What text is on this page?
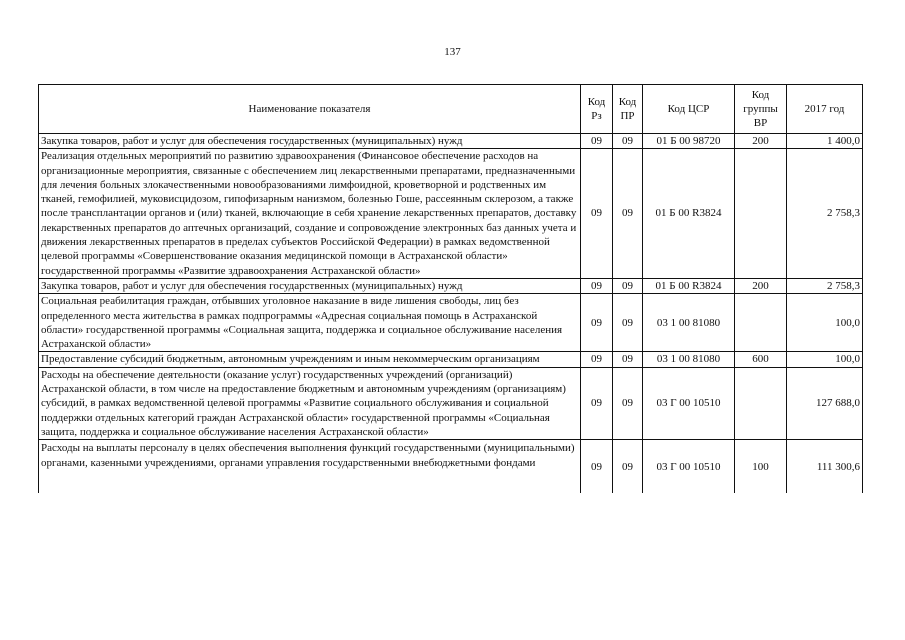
137
Наименование показателя	Код Рз	Код ПР	Код ЦСР	Код группы ВР	2017 год
Закупка товаров, работ и услуг для обеспечения государственных (муниципальных) нужд	09	09	01 Б 00 98720	200	1 400,0
Реализация отдельных мероприятий по развитию здравоохранения (Финансовое обеспечение расходов на организационные мероприятия, связанные с обеспечением лиц лекарственными препаратами, предназначенными для лечения больных злокачественными новообразованиями лимфоидной, кроветворной и родственных им тканей, гемофилией, муковисцидозом, гипофизарным нанизмом, болезнью Гоше, рассеянным склерозом, а также после трансплантации органов и (или) тканей, включающие в себя хранение лекарственных препаратов, доставку лекарственных препаратов до аптечных организаций, создание и сопровождение электронных баз данных учета и движения лекарственных препаратов в пределах субъектов Российской Федерации) в рамках ведомственной целевой программы «Совершенствование оказания медицинской помощи в Астраханской области» государственной программы «Развитие здравоохранения Астраханской области»	09	09	01 Б 00 R3824		2 758,3
Закупка товаров, работ и услуг для обеспечения государственных (муниципальных) нужд	09	09	01 Б 00 R3824	200	2 758,3
Социальная реабилитация граждан, отбывших уголовное наказание в виде лишения свободы, лиц без определенного места жительства в рамках подпрограммы «Адресная социальная помощь в Астраханской области» государственной программы «Социальная защита, поддержка и социальное обслуживание населения Астраханской области»	09	09	03 1 00 81080		100,0
Предоставление субсидий бюджетным, автономным учреждениям и иным некоммерческим организациям	09	09	03 1 00 81080	600	100,0
Расходы на обеспечение деятельности (оказание услуг) государственных учреждений (организаций) Астраханской области, в том числе на предоставление бюджетным и автономным учреждениям (организациям) субсидий, в рамках ведомственной целевой программы «Развитие социального обслуживания и социальной поддержки отдельных категорий граждан Астраханской области» государственной программы «Социальная защита, поддержка и социальное обслуживание населения Астраханской области»	09	09	03 Г 00 10510		127 688,0
Расходы на выплаты персоналу в целях обеспечения выполнения функций государственными (муниципальными) органами, казенными учреждениями, органами управления государственными внебюджетными фондами	09	09	03 Г 00 10510	100	111 300,6
